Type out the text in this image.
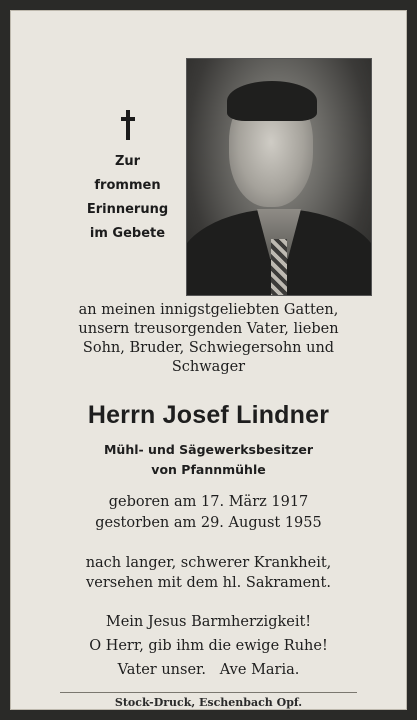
Zur
frommen
Erinnerung
im Gebete
an meinen innigstgeliebten Gatten,
unsern treusorgenden Vater, lieben
Sohn, Bruder, Schwiegersohn und
Schwager
Herrn Josef Lindner
Mühl- und Sägewerksbesitzer
von Pfannmühle
geboren am 17. März 1917
gestorben am 29. August 1955
nach langer, schwerer Krankheit,
versehen mit dem hl. Sakrament.
Mein Jesus Barmherzigkeit!
O Herr, gib ihm die ewige Ruhe!
Vater unser.   Ave Maria.
Stock-Druck, Eschenbach Opf.
